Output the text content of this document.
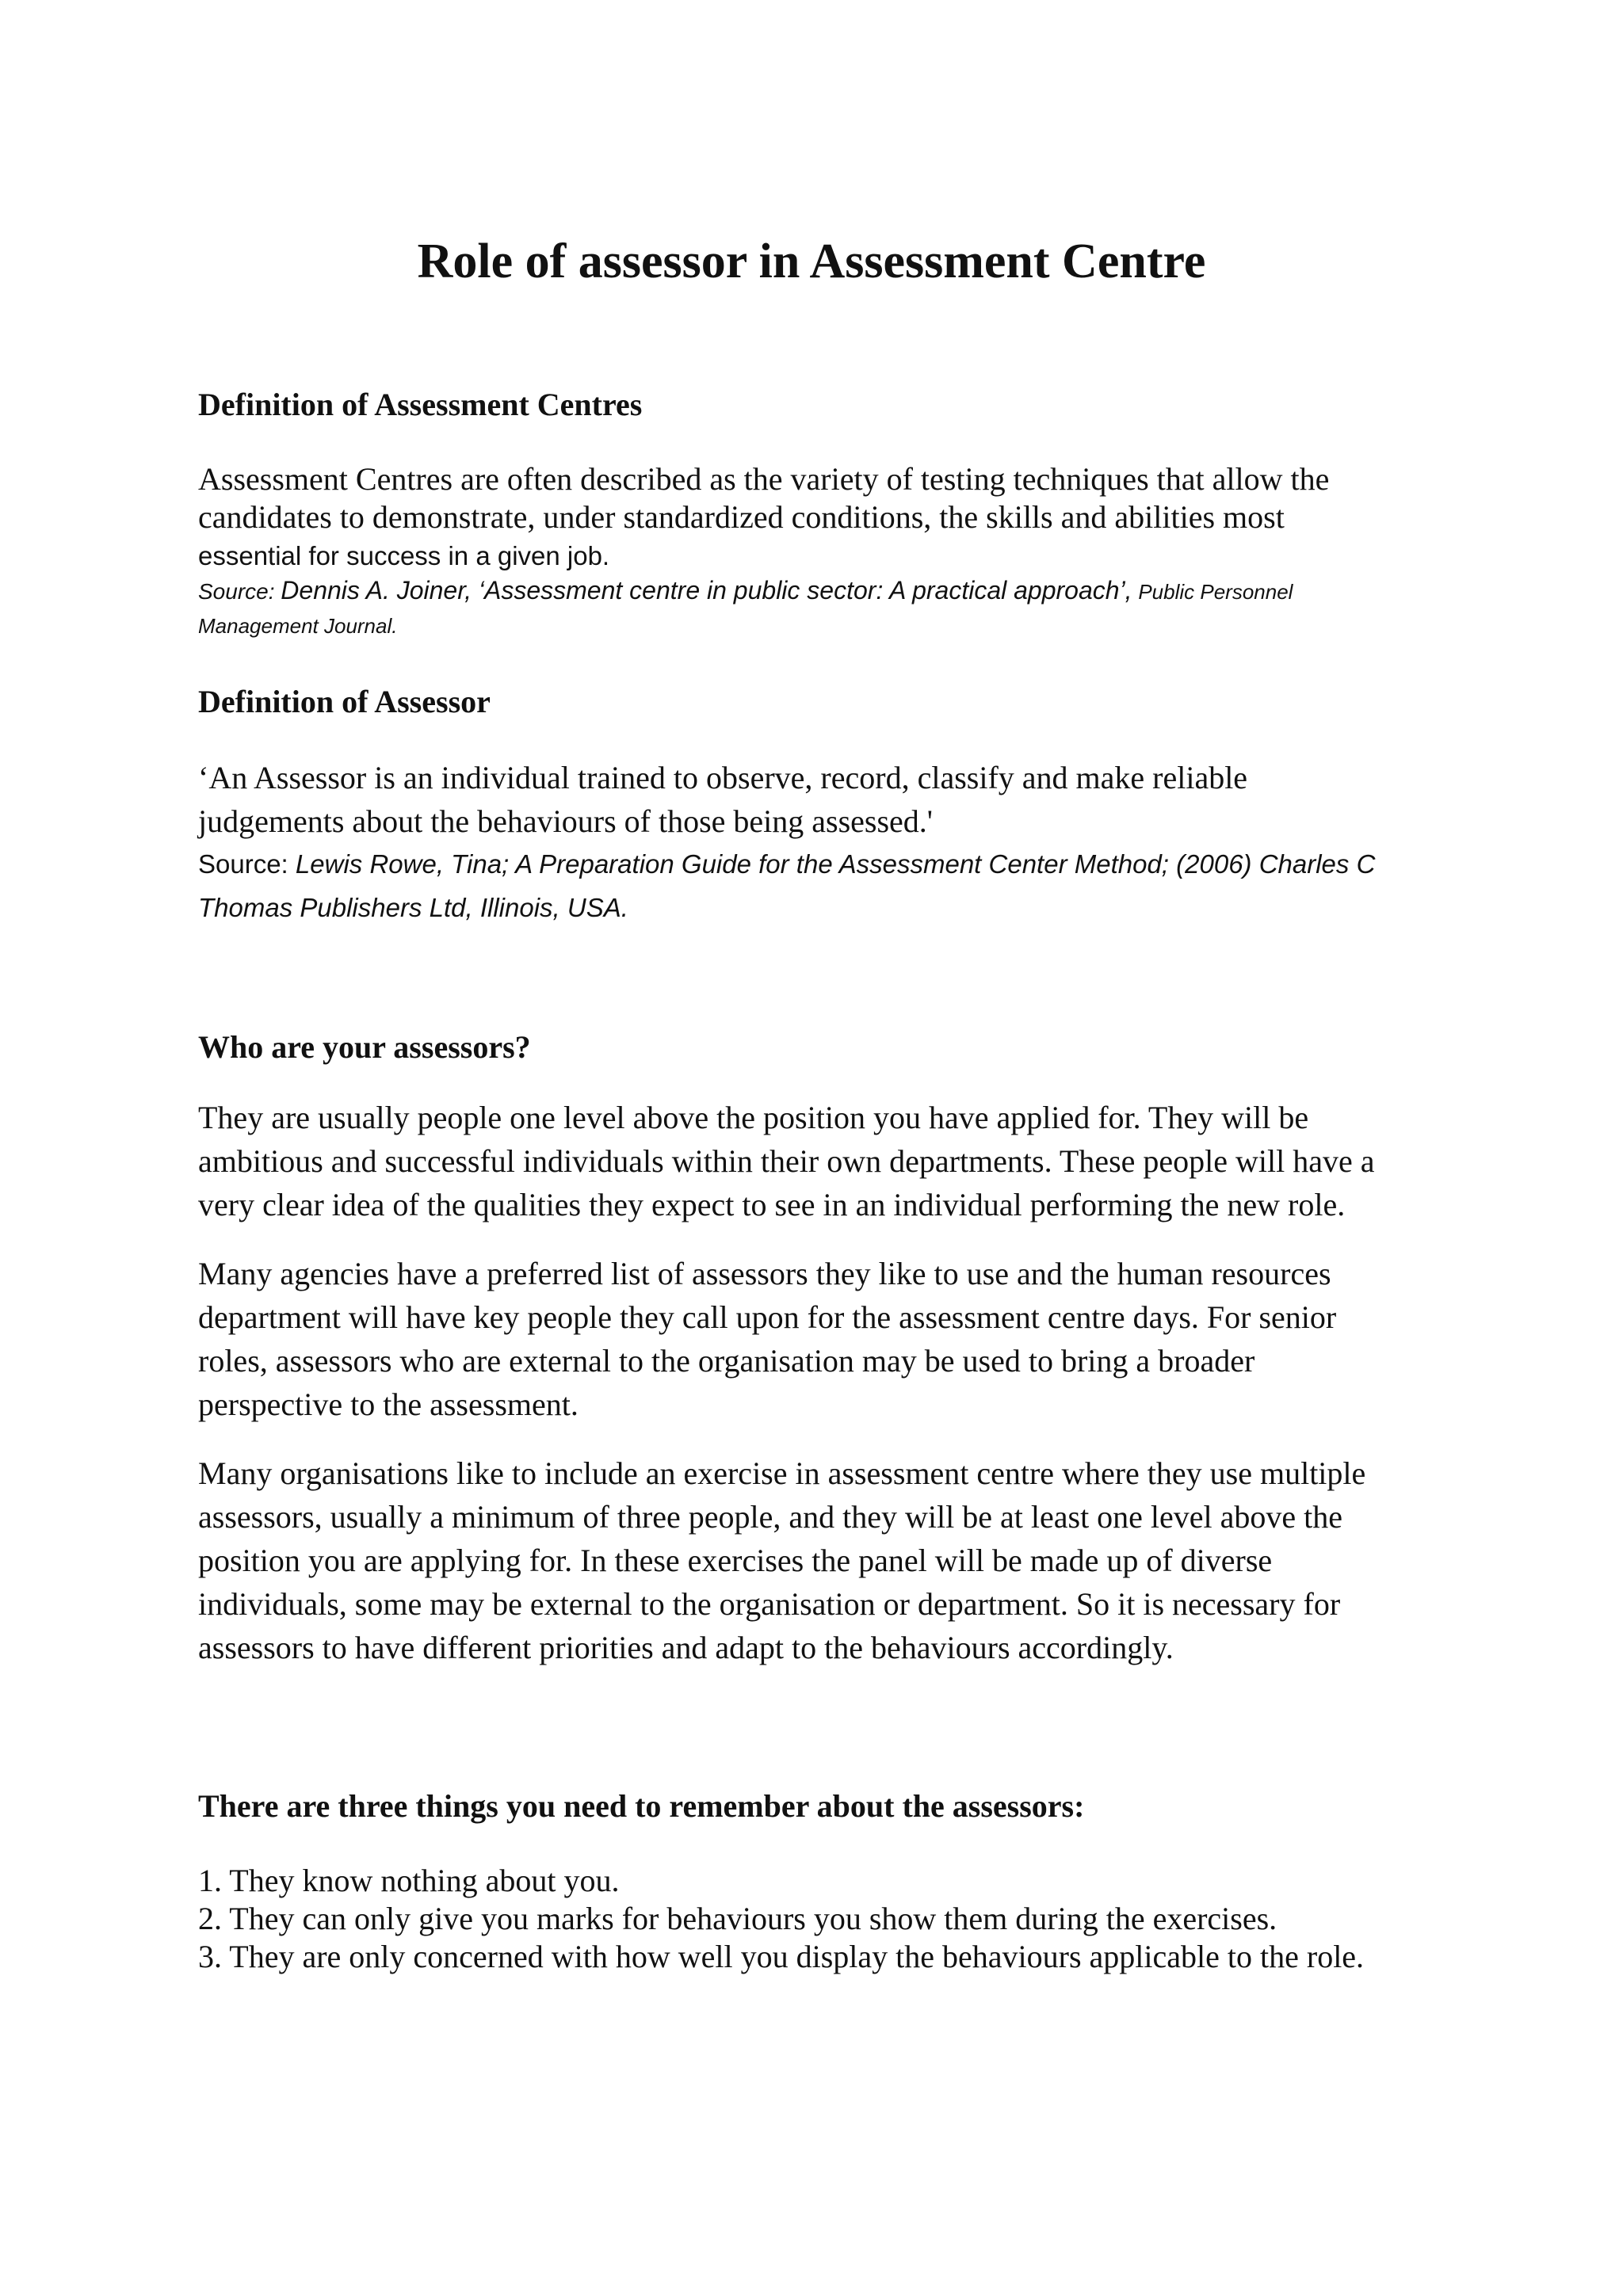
Role of assessor in Assessment Centre
Definition of Assessment Centres
Assessment Centres are often described as the variety of testing techniques that allow the
candidates to demonstrate, under standardized conditions, the skills and abilities most
essential for success in a given job.
Source: Dennis A. Joiner, ‘Assessment centre in public sector: A practical approach’, Public Personnel
Management Journal.
Definition of Assessor
‘An Assessor is an individual trained to observe, record, classify and make reliable
judgements about the behaviours of those being assessed.'
Source: Lewis Rowe, Tina; A Preparation Guide for the Assessment Center Method; (2006) Charles C
Thomas Publishers Ltd, Illinois, USA.
Who are your assessors?
They are usually people one level above the position you have applied for. They will be
ambitious and successful individuals within their own departments. These people will have a
very clear idea of the qualities they expect to see in an individual performing the new role.
Many agencies have a preferred list of assessors they like to use and the human resources
department will have key people they call upon for the assessment centre days. For senior
roles, assessors who are external to the organisation may be used to bring a broader
perspective to the assessment.
Many organisations like to include an exercise in assessment centre where they use multiple
assessors, usually a minimum of three people, and they will be at least one level above the
position you are applying for. In these exercises the panel will be made up of diverse
individuals, some may be external to the organisation or department. So it is necessary for
assessors to have different priorities and adapt to the behaviours accordingly.
There are three things you need to remember about the assessors:
1. They know nothing about you.
2. They can only give you marks for behaviours you show them during the exercises.
3. They are only concerned with how well you display the behaviours applicable to the role.
